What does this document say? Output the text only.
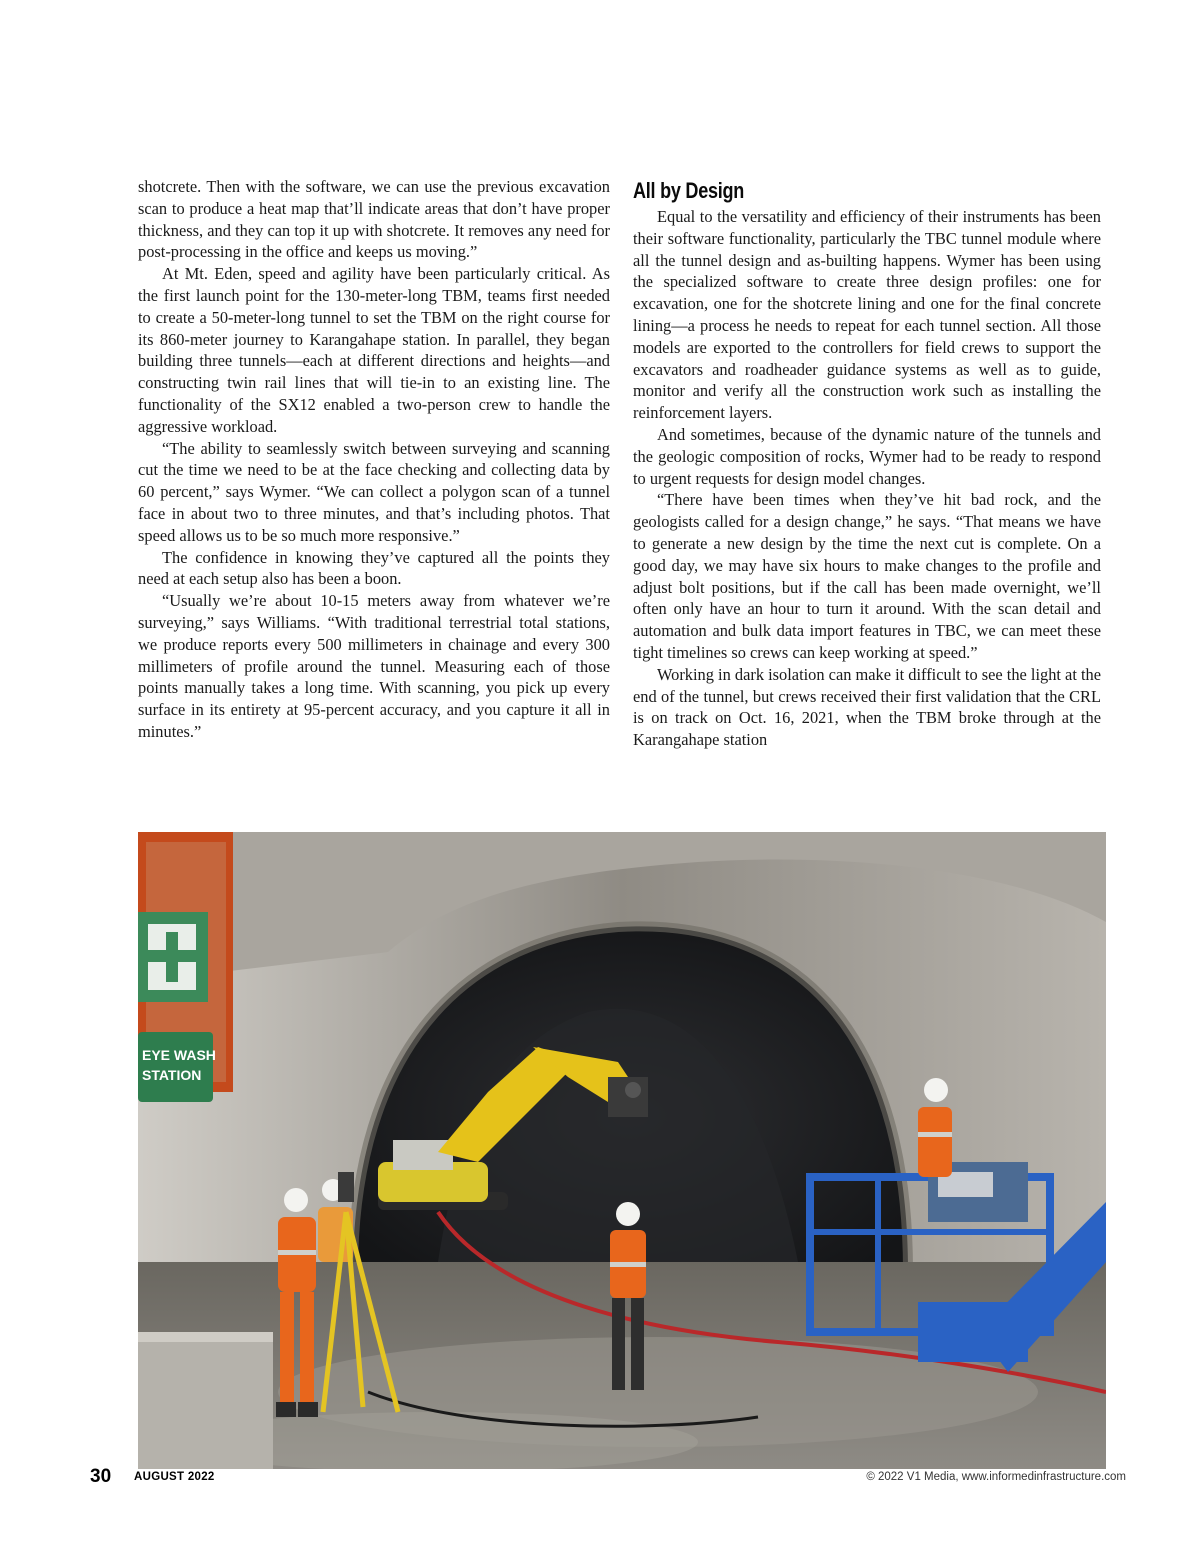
shotcrete. Then with the software, we can use the previous excavation scan to produce a heat map that’ll indicate areas that don’t have proper thickness, and they can top it up with shotcrete. It removes any need for post-processing in the office and keeps us moving.”

At Mt. Eden, speed and agility have been particularly critical. As the first launch point for the 130-meter-long TBM, teams first needed to create a 50-meter-long tunnel to set the TBM on the right course for its 860-meter journey to Karangahape station. In parallel, they began building three tunnels—each at different directions and heights—and constructing twin rail lines that will tie-in to an existing line. The functionality of the SX12 enabled a two-person crew to handle the aggressive workload.

“The ability to seamlessly switch between surveying and scanning cut the time we need to be at the face checking and collecting data by 60 percent,” says Wymer. “We can collect a polygon scan of a tunnel face in about two to three minutes, and that’s including photos. That speed allows us to be so much more responsive.”

The confidence in knowing they’ve captured all the points they need at each setup also has been a boon.

“Usually we’re about 10-15 meters away from whatever we’re surveying,” says Williams. “With traditional terrestrial total stations, we produce reports every 500 millimeters in chainage and every 300 millimeters of profile around the tunnel. Measuring each of those points manually takes a long time. With scanning, you pick up every surface in its entirety at 95-percent accuracy, and you capture it all in minutes.”

All by Design

Equal to the versatility and efficiency of their instruments has been their software functionality, particularly the TBC tunnel module where all the tunnel design and as-builting happens. Wymer has been using the specialized software to create three design profiles: one for excavation, one for the shotcrete lining and one for the final concrete lining—a process he needs to repeat for each tunnel section. All those models are exported to the controllers for field crews to support the excavators and roadheader guidance systems as well as to guide, monitor and verify all the construction work such as installing the reinforcement layers.

And sometimes, because of the dynamic nature of the tunnels and the geologic composition of rocks, Wymer had to be ready to respond to urgent requests for design model changes.

“There have been times when they’ve hit bad rock, and the geologists called for a design change,” he says. “That means we have to generate a new design by the time the next cut is complete. On a good day, we may have six hours to make changes to the profile and adjust bolt positions, but if the call has been made overnight, we’ll often only have an hour to turn it around. With the scan detail and automation and bulk data import features in TBC, we can meet these tight timelines so crews can keep working at speed.”

Working in dark isolation can make it difficult to see the light at the end of the tunnel, but crews received their first validation that the CRL is on track on Oct. 16, 2021, when the TBM broke through at the Karangahape station

EYE WASH
STATION
30 AUGUST 2022	© 2022 V1 Media, www.informedinfrastructure.com
